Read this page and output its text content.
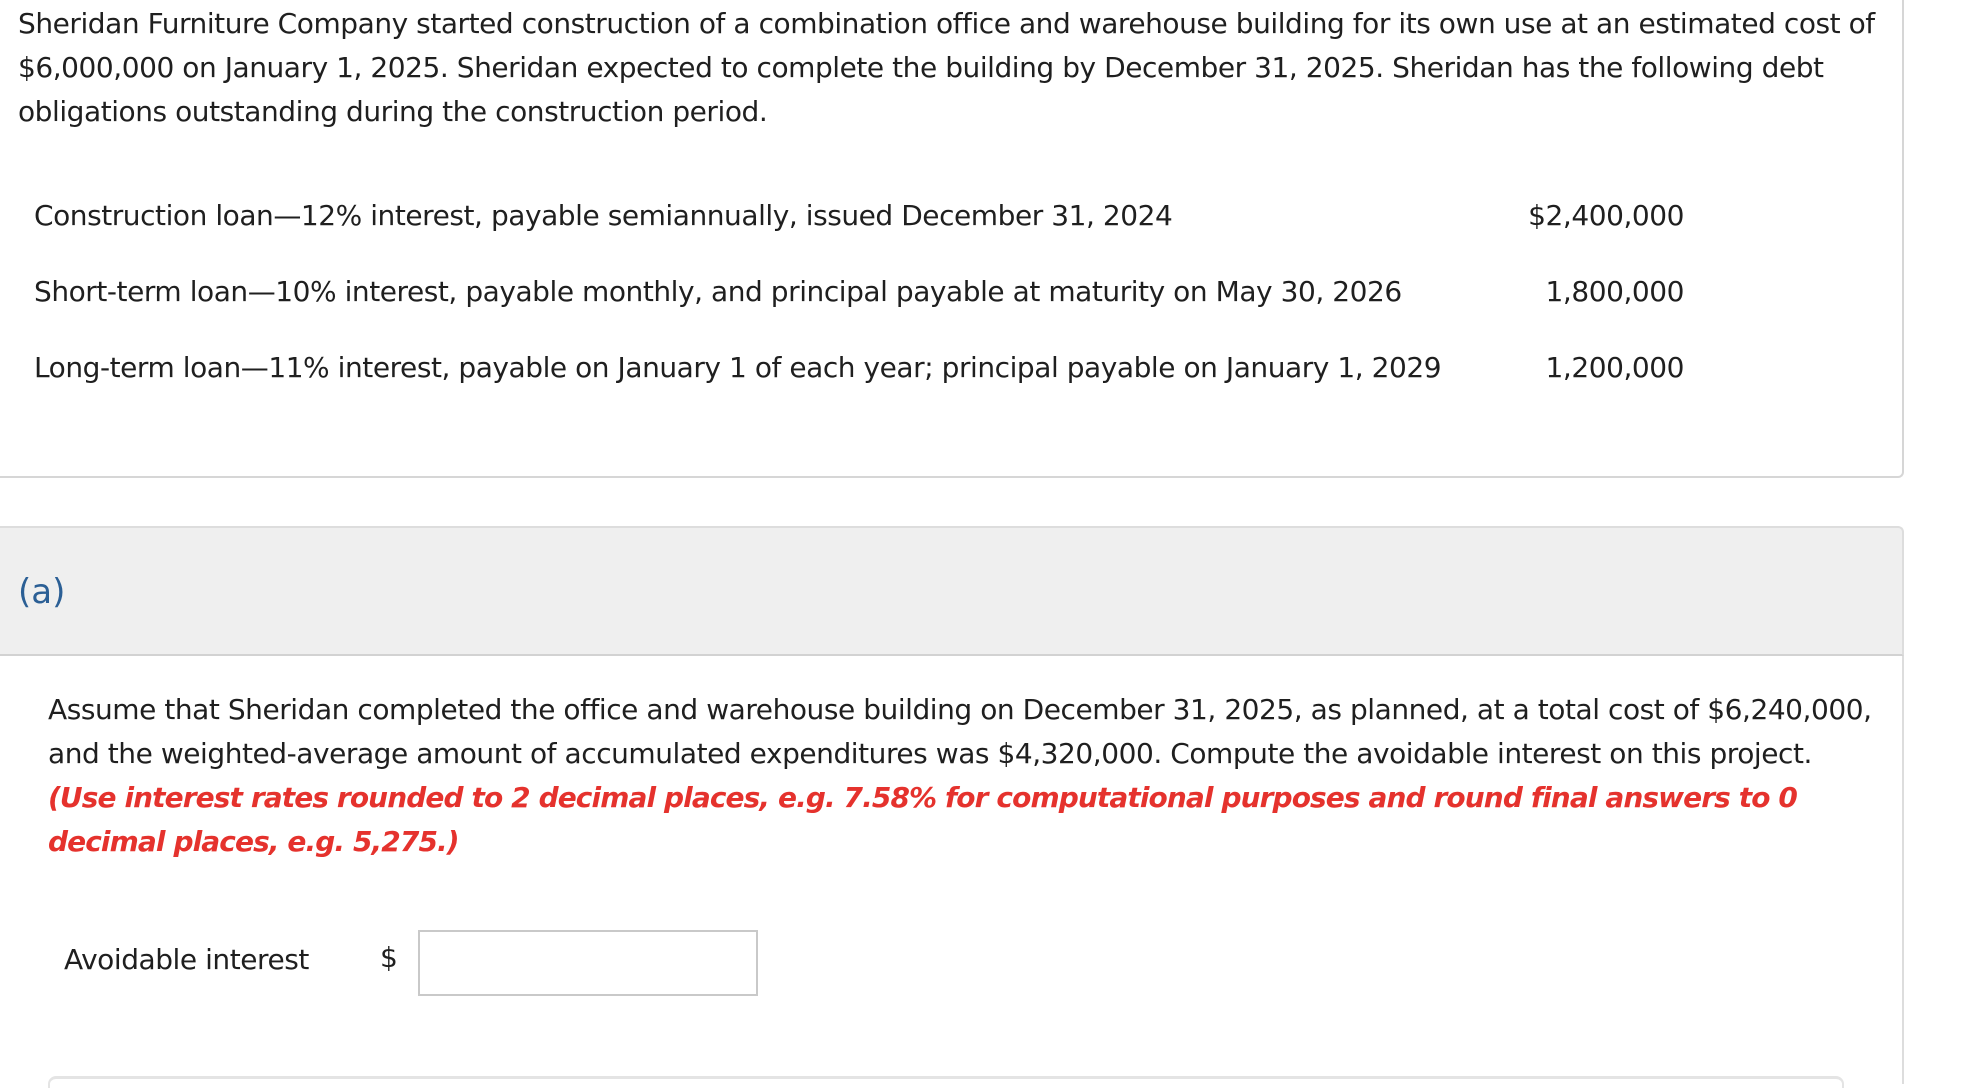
Sheridan Furniture Company started construction of a combination office and warehouse building for its own use at an estimated cost of $6,000,000 on January 1, 2025. Sheridan expected to complete the building by December 31, 2025. Sheridan has the following debt obligations outstanding during the construction period.

Construction loan—12% interest, payable semiannually, issued December 31, 2024	$2,400,000
Short-term loan—10% interest, payable monthly, and principal payable at maturity on May 30, 2026	1,800,000
Long-term loan—11% interest, payable on January 1 of each year; principal payable on January 1, 2029	1,200,000
(a)

Assume that Sheridan completed the office and warehouse building on December 31, 2025, as planned, at a total cost of $6,240,000, and the weighted-average amount of accumulated expenditures was $4,320,000. Compute the avoidable interest on this project. (Use interest rates rounded to 2 decimal places, e.g. 7.58% for computational purposes and round final answers to 0 decimal places, e.g. 5,275.)

Avoidable interest	$
